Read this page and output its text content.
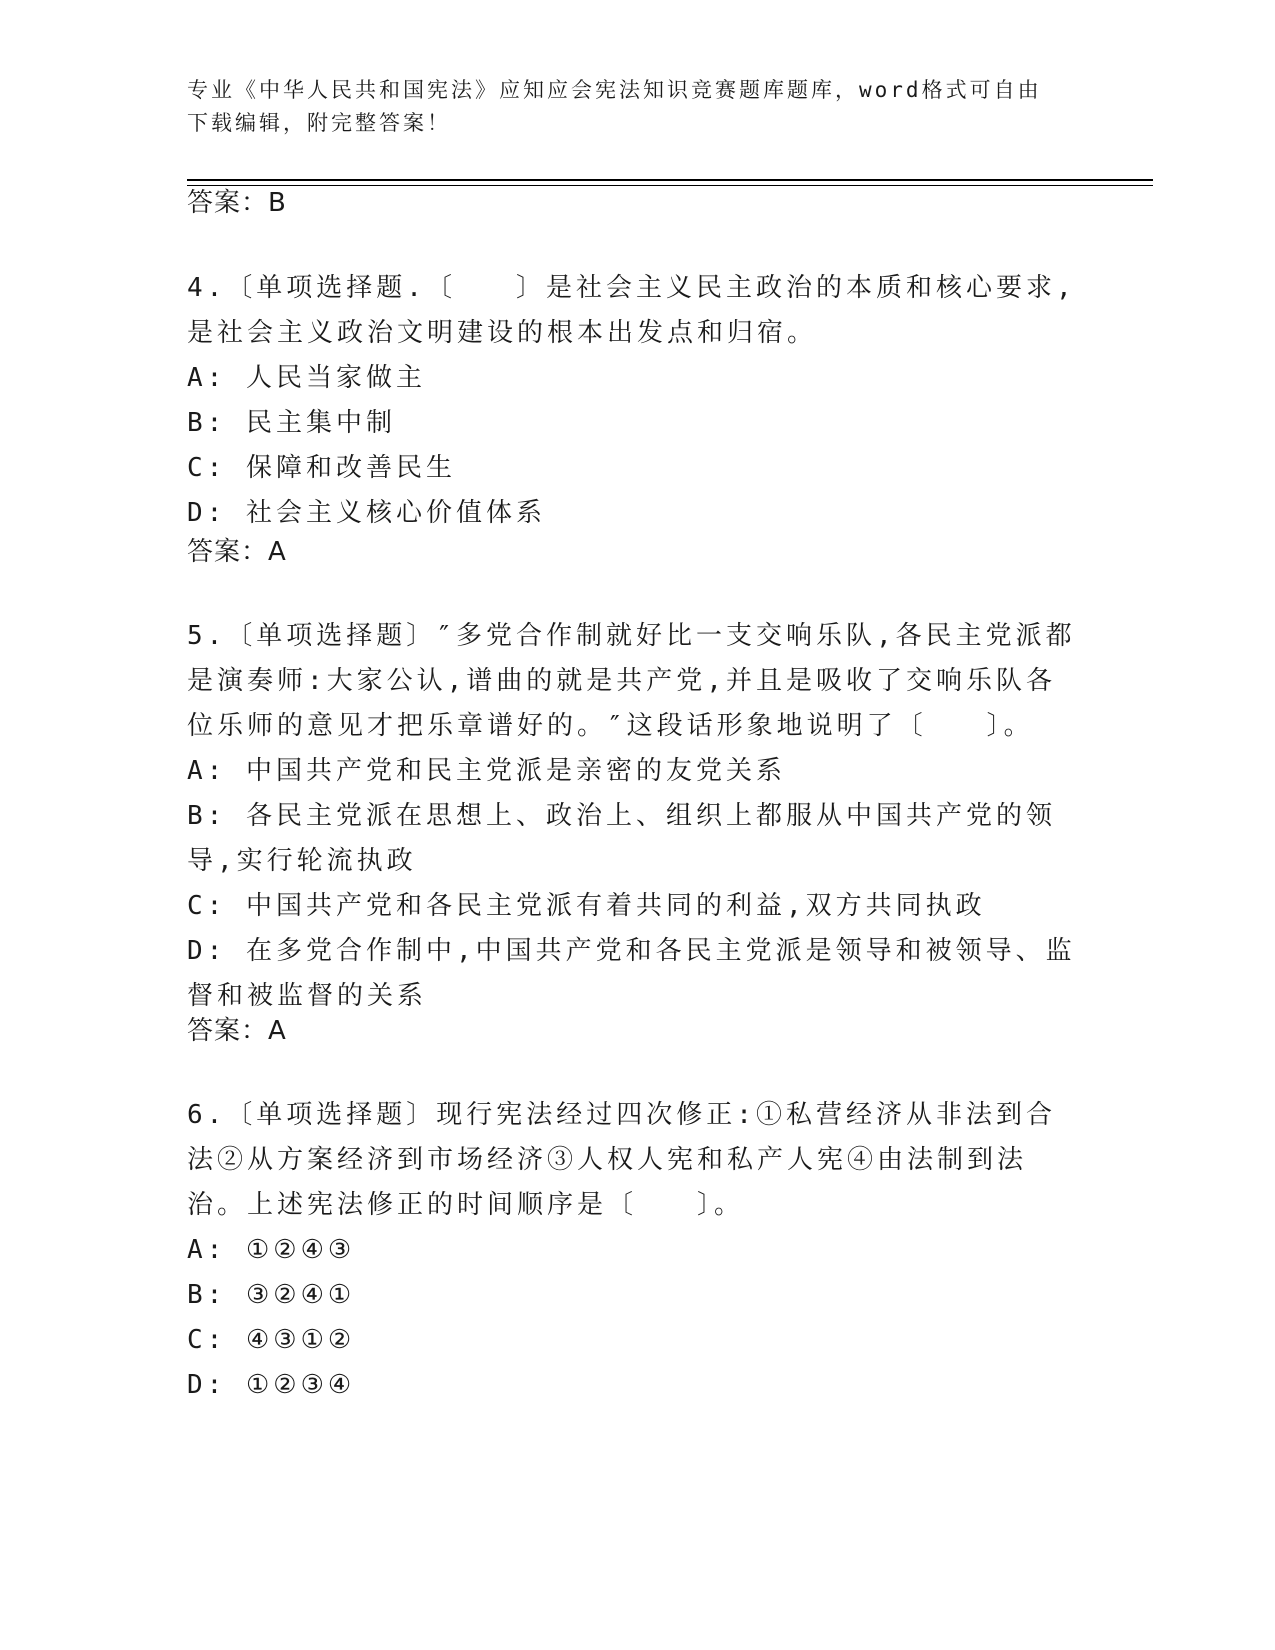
专业《中华人民共和国宪法》应知应会宪法知识竞赛题库题库，word格式可自由
下载编辑，附完整答案！
答案：B

4.〔单项选择题.〔　　〕是社会主义民主政治的本质和核心要求,是社会主义政治文明建设的根本出发点和归宿。

A: 人民当家做主

B: 民主集中制

C: 保障和改善民生

D: 社会主义核心价值体系

答案：A

5.〔单项选择题〕″多党合作制就好比一支交响乐队,各民主党派都是演奏师:大家公认,谱曲的就是共产党,并且是吸收了交响乐队各位乐师的意见才把乐章谱好的。″这段话形象地说明了〔　　〕。

A: 中国共产党和民主党派是亲密的友党关系

B: 各民主党派在思想上、政治上、组织上都服从中国共产党的领导,实行轮流执政

C: 中国共产党和各民主党派有着共同的利益,双方共同执政

D: 在多党合作制中,中国共产党和各民主党派是领导和被领导、监督和被监督的关系

答案：A

6.〔单项选择题〕现行宪法经过四次修正:①私营经济从非法到合法②从方案经济到市场经济③人权人宪和私产人宪④由法制到法治。上述宪法修正的时间顺序是〔　　〕。

A: ①②④③

B: ③②④①

C: ④③①②

D: ①②③④
